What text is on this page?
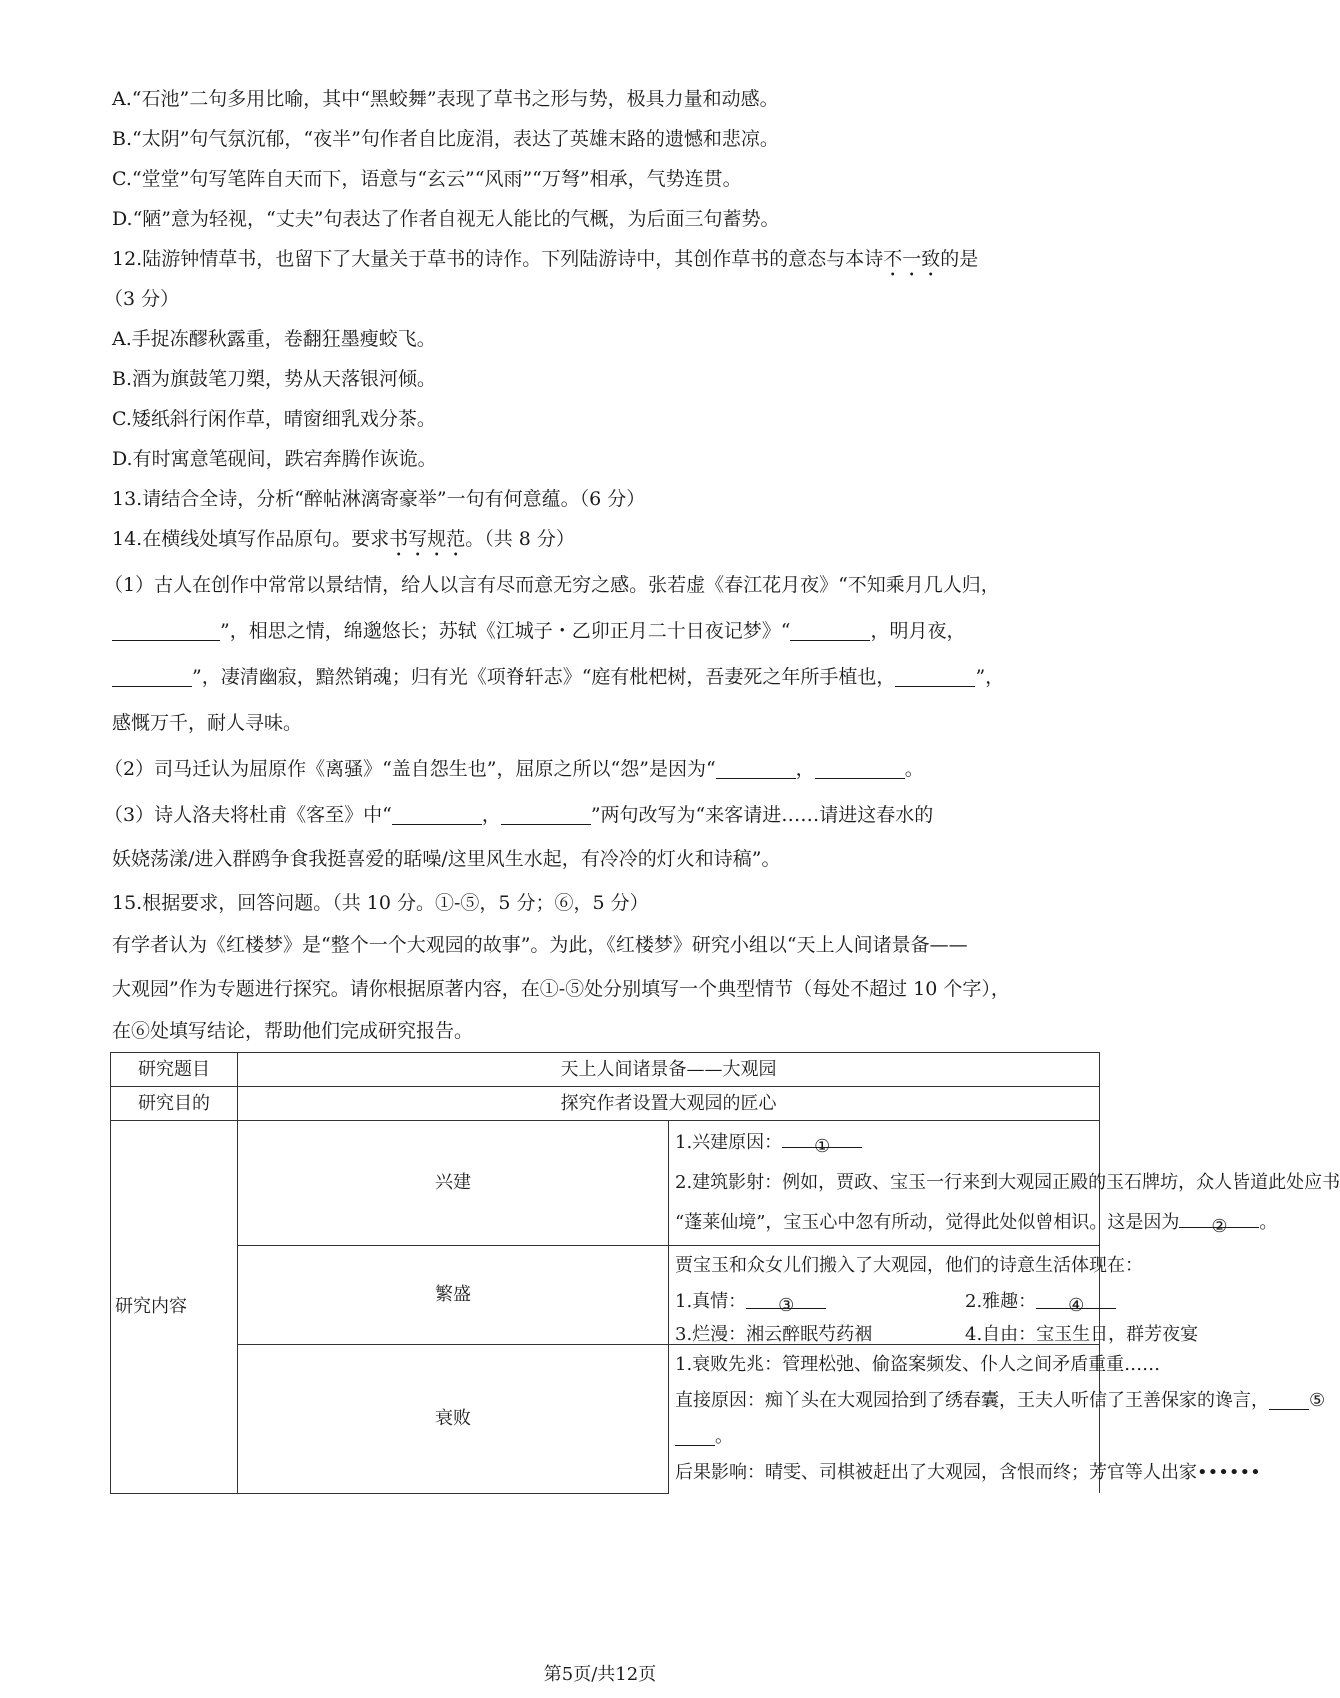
A.“石池”二句多用比喻，其中“黑蛟舞”表现了草书之形与势，极具力量和动感。
B.“太阴”句气氛沉郁，“夜半”句作者自比庞涓，表达了英雄末路的遗憾和悲凉。
C.“堂堂”句写笔阵自天而下，语意与“玄云”“风雨”“万弩”相承，气势连贯。
D.“陋”意为轻视，“丈夫”句表达了作者自视无人能比的气概，为后面三句蓄势。
12.陆游钟情草书，也留下了大量关于草书的诗作。下列陆游诗中，其创作草书的意态与本诗不一致的是
（3 分）
A.手捉冻醪秋露重，卷翻狂墨瘦蛟飞。
B.酒为旗鼓笔刀槊，势从天落银河倾。
C.矮纸斜行闲作草，晴窗细乳戏分茶。
D.有时寓意笔砚间，跌宕奔腾作诙诡。
13.请结合全诗，分析“醉帖淋漓寄豪举”一句有何意蕴。（6 分）
14.在横线处填写作品原句。要求书写规范。（共 8 分）
（1）古人在创作中常常以景结情，给人以言有尽而意无穷之感。张若虚《春江花月夜》“不知乘月几人归，
”，相思之情，绵邈悠长；苏轼《江城子・乙卯正月二十日夜记梦》“	，明月夜，
”，凄清幽寂，黯然销魂；归有光《项脊轩志》“庭有枇杷树，吾妻死之年所手植也，	”，
感慨万千，耐人寻味。
（2）司马迁认为屈原作《离骚》“盖自怨生也”，屈原之所以“怨”是因为“	，	。
（3）诗人洛夫将杜甫《客至》中“	，	”两句改写为“来客请进……请进这春水的
妖娆荡漾/进入群鸥争食我挺喜爱的聒噪/这里风生水起，有冷冷的灯火和诗稿”。
15.根据要求，回答问题。（共 10 分。①-⑤，5 分；⑥，5 分）
有学者认为《红楼梦》是“整个一个大观园的故事”。为此，《红楼梦》研究小组以“天上人间诸景备——
大观园”作为专题进行探究。请你根据原著内容，在①-⑤处分别填写一个典型情节（每处不超过 10 个字），
在⑥处填写结论，帮助他们完成研究报告。
研究题目	天上人间诸景备——大观园	
研究目的	探究作者设置大观园的匠心	
研究内容	兴建	1.兴建原因： ①
2.建筑影射：例如，贾政、宝玉一行来到大观园正殿的玉石牌坊，众人皆道此处应书
“蓬莱仙境”，宝玉心中忽有所动，觉得此处似曾相识。这是因为 ② 。

	繁盛	贾宝玉和众女儿们搬入了大观园，他们的诗意生活体现在：
1.真情： ③ 2.雅趣： ④
3.烂漫：湘云醉眠芍药裀 4.自由：宝玉生日，群芳夜宴

	衰败	1.衰败先兆：管理松弛、偷盗案频发、仆人之间矛盾重重……
直接原因：痴丫头在大观园拾到了绣春囊，王夫人听信了王善保家的谗言， ⑤
。
后果影响：晴雯、司棋被赶出了大观园，含恨而终；芳官等人出家••••••
第5页/共12页
